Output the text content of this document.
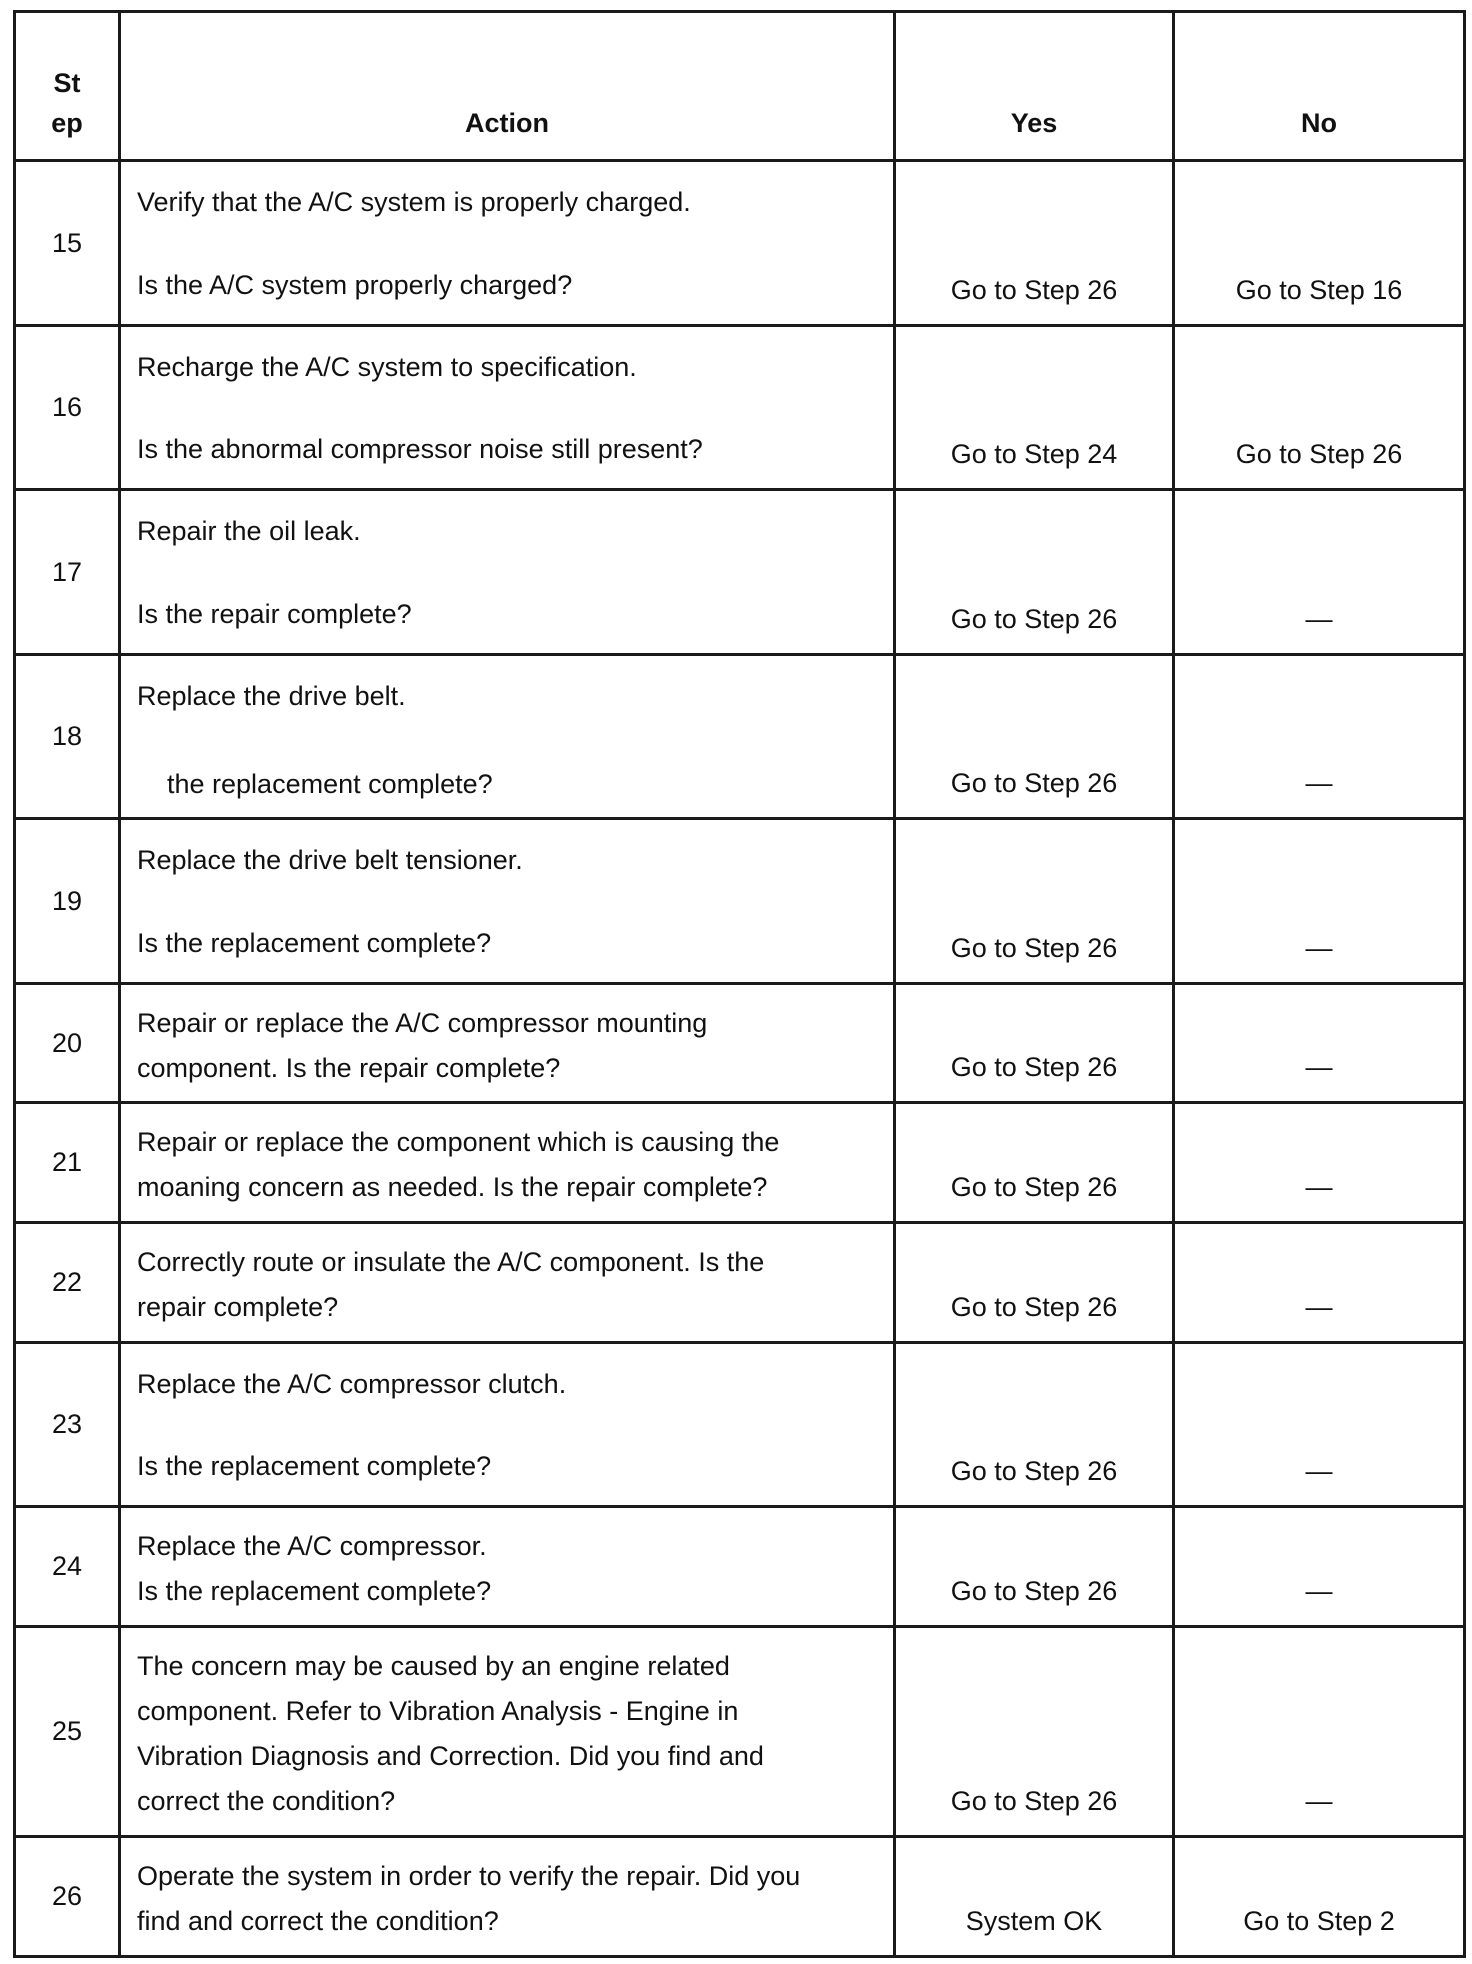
St
ep	Action	Yes	No
15	Verify that the A/C system is properly charged.
Is the A/C system properly charged?	Go to Step 26	Go to Step 16
16	Recharge the A/C system to specification.
Is the abnormal compressor noise still present?	Go to Step 24	Go to Step 26
17	Repair the oil leak.
Is the repair complete?	Go to Step 26	—
18	Replace the drive belt.
the replacement complete?	Go to Step 26	—
19	Replace the drive belt tensioner.
Is the replacement complete?	Go to Step 26	—
20	Repair or replace the A/C compressor mounting
component. Is the repair complete?	Go to Step 26	—
21	Repair or replace the component which is causing the
moaning concern as needed. Is the repair complete?	Go to Step 26	—
22	Correctly route or insulate the A/C component. Is the
repair complete?	Go to Step 26	—
23	Replace the A/C compressor clutch.
Is the replacement complete?	Go to Step 26	—
24	Replace the A/C compressor.
Is the replacement complete?	Go to Step 26	—
25	The concern may be caused by an engine related
component. Refer to Vibration Analysis - Engine in
Vibration Diagnosis and Correction. Did you find and
correct the condition?	Go to Step 26	—
26	Operate the system in order to verify the repair. Did you
find and correct the condition?	System OK	Go to Step 2
